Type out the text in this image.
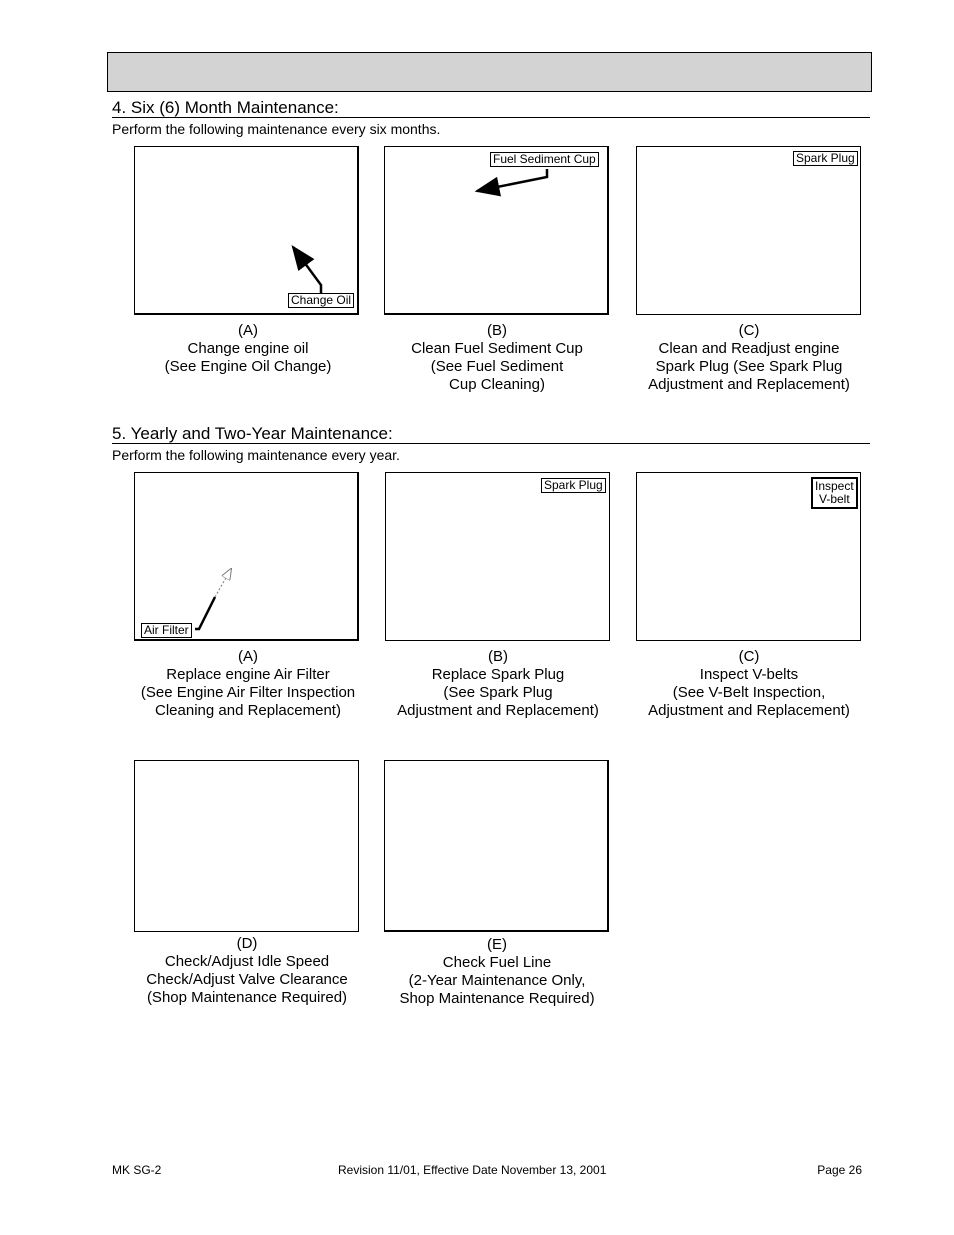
4. Six (6) Month Maintenance:
Perform the following maintenance every six months.
Change Oil
Fuel Sediment Cup	Spark Plug
(A)
Change engine oil
(See Engine Oil Change)
(B)
Clean Fuel Sediment Cup
(See Fuel Sediment
Cup Cleaning)
(C)
Clean and Readjust engine
Spark Plug (See Spark Plug
Adjustment and Replacement)
5. Yearly and Two-Year Maintenance:
Perform the following maintenance every year.
Air Filter
Spark Plug	Inspect
V-belt
(A)
Replace engine Air Filter
(See Engine Air Filter Inspection
Cleaning and Replacement)
(B)
Replace Spark Plug
(See Spark Plug
Adjustment and Replacement)
(C)
Inspect V-belts
(See V-Belt Inspection,
Adjustment and Replacement)
(D)
Check/Adjust Idle Speed
Check/Adjust Valve Clearance
(Shop Maintenance Required)
(E)
Check Fuel Line
(2-Year Maintenance Only,
Shop Maintenance Required)
MK SG-2	Revision 11/01, Effective Date November 13, 2001	Page 26
